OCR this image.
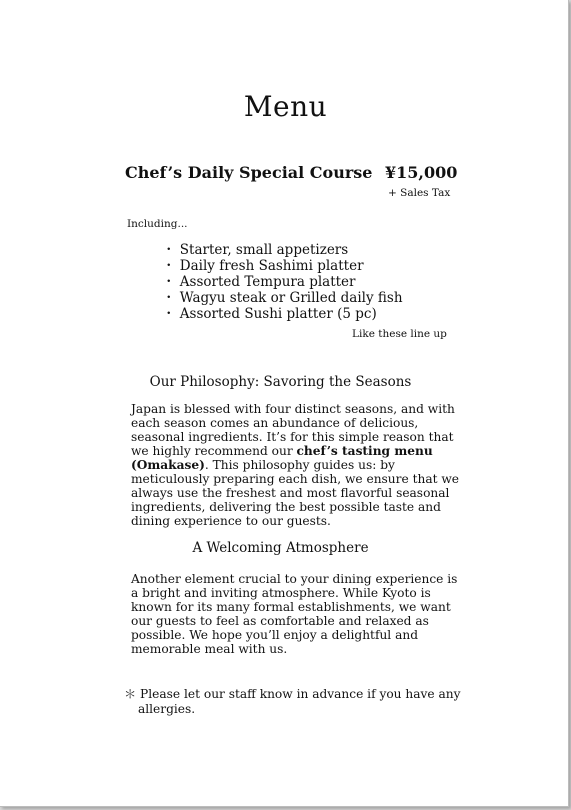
Menu
Chef’s Daily Special Course ¥15,000
+ Sales Tax
Including...
・ Starter, small appetizers
・ Daily fresh Sashimi platter
・ Assorted Tempura platter
・ Wagyu steak or Grilled daily fish
・ Assorted Sushi platter (5 pc)
Like these line up
Our Philosophy: Savoring the Seasons

Japan is blessed with four distinct seasons, and with
each season comes an abundance of delicious,
seasonal ingredients. It’s for this simple reason that
we highly recommend our chef’s tasting menu
(Omakase). This philosophy guides us: by
meticulously preparing each dish, we ensure that we
always use the freshest and most flavorful seasonal
ingredients, delivering the best possible taste and
dining experience to our guests.

A Welcoming Atmosphere

Another element crucial to your dining experience is
a bright and inviting atmosphere. While Kyoto is
known for its many formal establishments, we want
our guests to feel as comfortable and relaxed as
possible. We hope you’ll enjoy a delightful and
memorable meal with us.

＊ Please let our staff know in advance if you have any
allergies.
